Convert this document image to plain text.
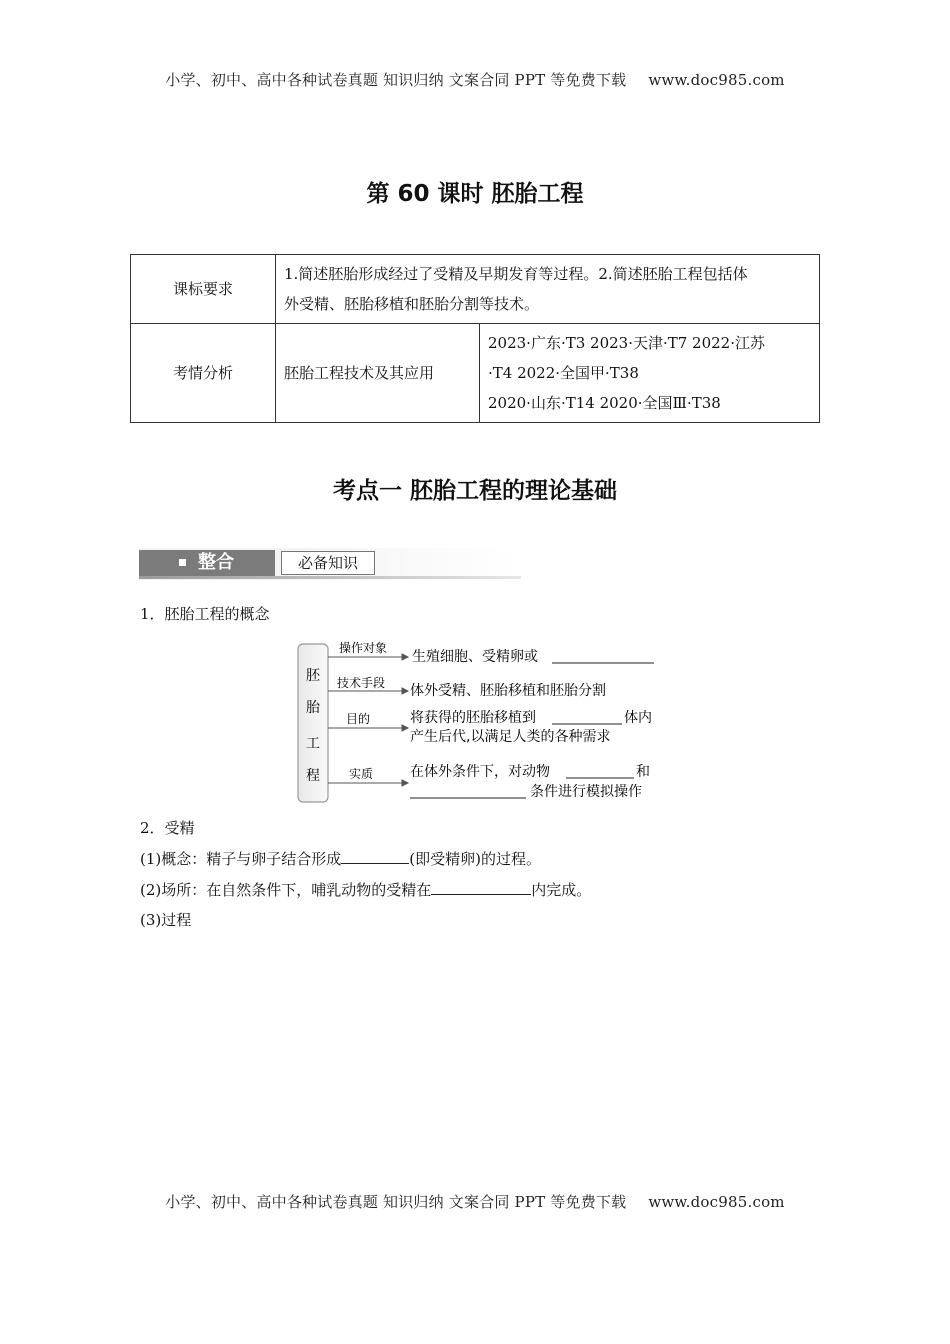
小学、初中、高中各种试卷真题 知识归纳 文案合同 PPT 等免费下载 www.doc985.com
第 60 课时 胚胎工程
课标要求	1.简述胚胎形成经过了受精及早期发育等过程。2.简述胚胎工程包括体
外受精、胚胎移植和胚胎分割等技术。	

考情分析	胚胎工程技术及其应用	2023·广东·T3 2023·天津·T7 2022·江苏
·T4 2022·全国甲·T38
2020·山东·T14 2020·全国Ⅲ·T38
考点一 胚胎工程的理论基础
整合	必备知识
1．胚胎工程的概念
胚
胎
工
程
操作对象
技术手段
目的
实质
生殖细胞、受精卵或
体外受精、胚胎移植和胚胎分割
将获得的胚胎移植到	体内
产生后代,以满足人类的各种需求
在体外条件下，对动物	和
条件进行模拟操作
2．受精
(1)概念：精子与卵子结合形成	(即受精卵)的过程。
(2)场所：在自然条件下，哺乳动物的受精在	内完成。
(3)过程
小学、初中、高中各种试卷真题 知识归纳 文案合同 PPT 等免费下载 www.doc985.com
